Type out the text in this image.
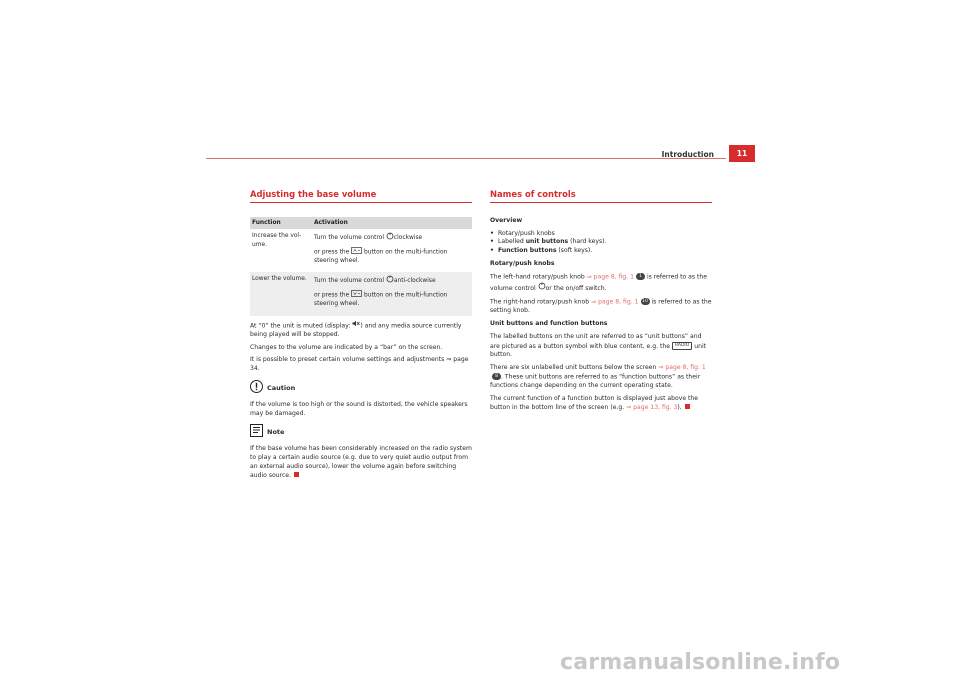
Introduction	11
Adjusting the base volume
Function	Activation
Increase the vol-ume.	Turn the volume control clockwise

or press the button on the multi-function steering wheel.

Lower the volume.	Turn the volume control anti-clockwise

or press the button on the multi-function steering wheel.

At “0” the unit is muted (display: ) and any media source currently being played will be stopped.

Changes to the volume are indicated by a “bar” on the screen.

It is possible to preset certain volume settings and adjustments ⇒ page 34.

Caution

If the volume is too high or the sound is distorted, the vehicle speakers may be damaged.

Note

If the base volume has been considerably increased on the radio system to play a certain audio source (e.g. due to very quiet audio output from an external audio source), lower the volume again before switching audio source.

Names of controls

Overview

• Rotary/push knobs
• Labelled unit buttons (hard keys).
• Function buttons (soft keys).

Rotary/push knobs

The left-hand rotary/push knob ⇒ page 8, fig. 1 1 is referred to as the volume control or the on/off switch.

The right-hand rotary/push knob ⇒ page 8, fig. 1 10 is referred to as the setting knob.

Unit buttons and function buttons

The labelled buttons on the unit are referred to as “unit buttons” and are pictured as a button symbol with blue content, e.g. the RADIO unit button.

There are six unlabelled unit buttons below the screen ⇒ page 8, fig. 18 . These unit buttons are referred to as “function buttons” as their functions change depending on the current operating state.

The current function of a function button is displayed just above the button in the bottom line of the screen (e.g. ⇒ page 13, fig. 3).

carmanualsonline.info
